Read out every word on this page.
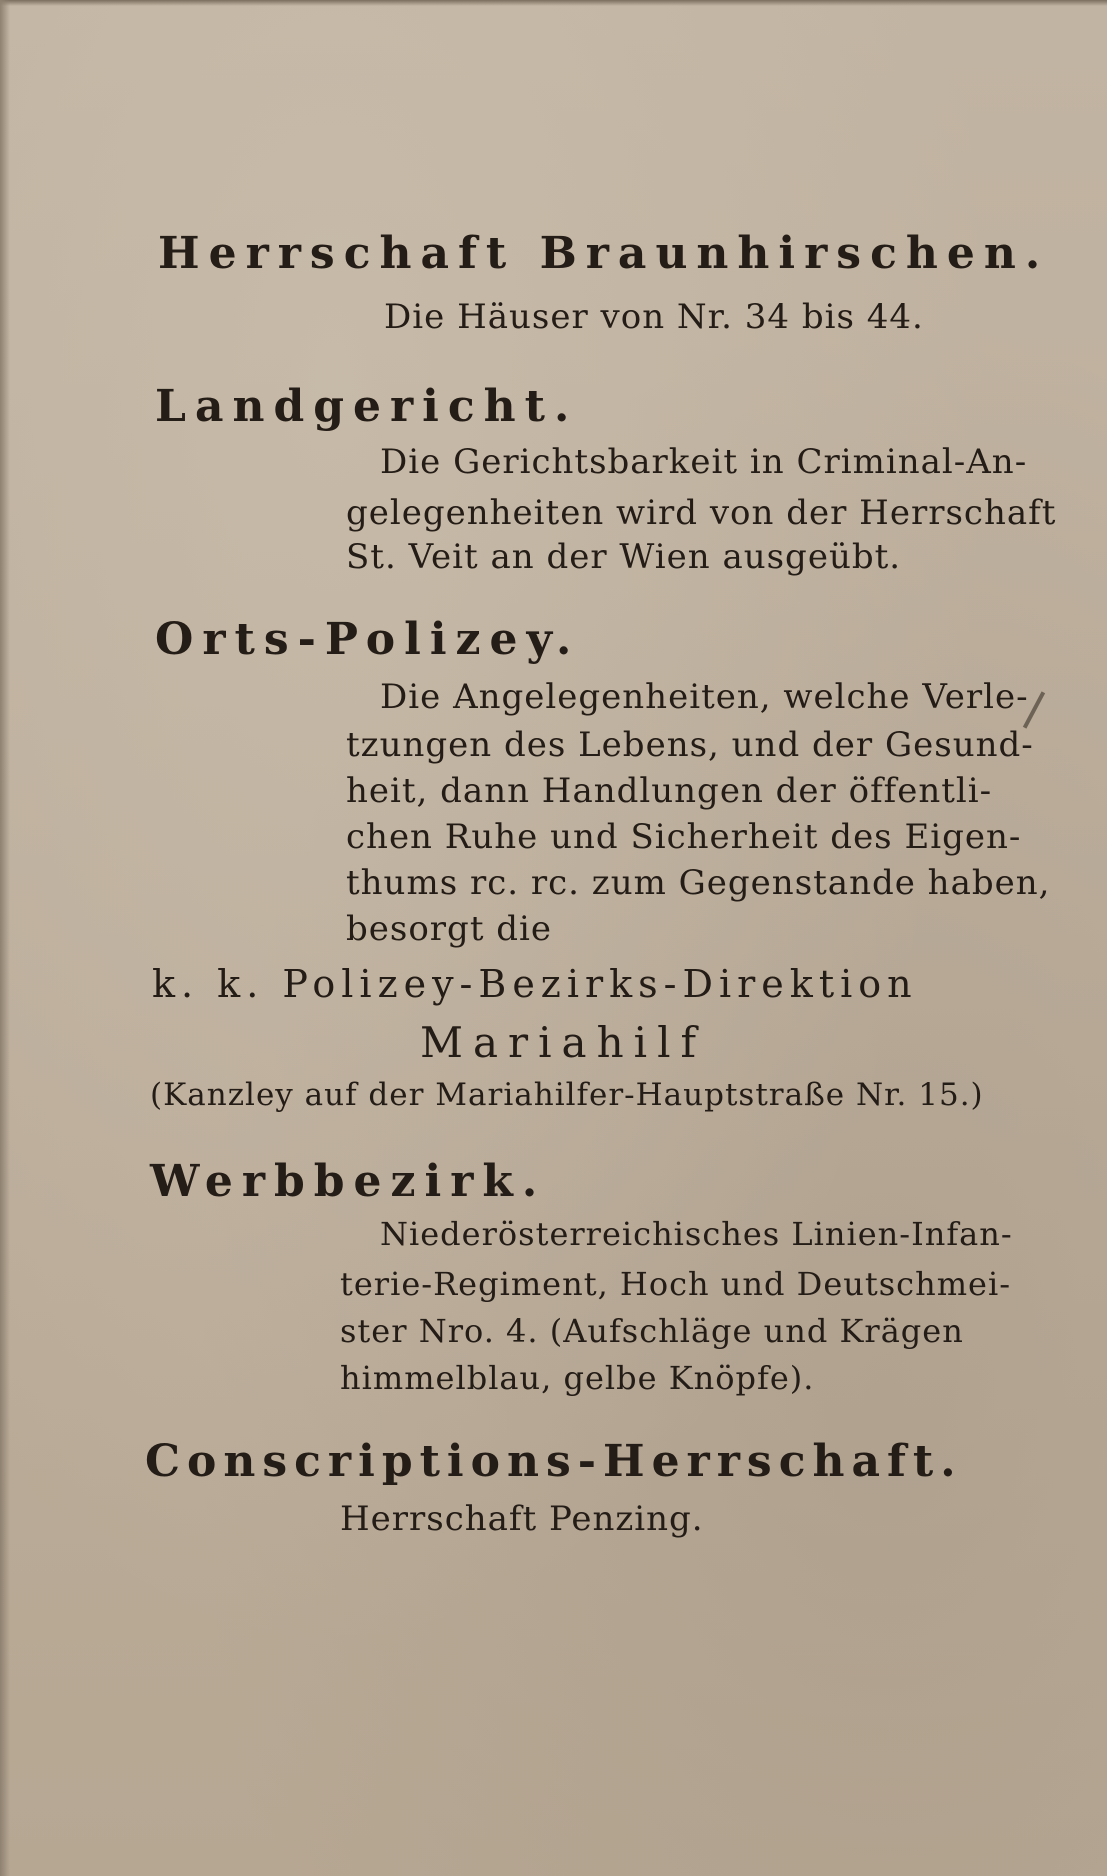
Herrschaft Braunhirschen.
Die Häuser von Nr. 34 bis 44.
Landgericht.
Die Gerichtsbarkeit in Criminal-An-
gelegenheiten wird von der Herrschaft
St. Veit an der Wien ausgeübt.
Orts-Polizey.
Die Angelegenheiten, welche Verle-
tzungen des Lebens, und der Gesund-
heit, dann Handlungen der öffentli-
chen Ruhe und Sicherheit des Eigen-
thums rc. rc. zum Gegenstande haben,
besorgt die
k. k. Polizey-Bezirks-Direktion
Mariahilf
(Kanzley auf der Mariahilfer-Hauptstraße Nr. 15.)
Werbbezirk.
Niederösterreichisches Linien-Infan-
terie-Regiment, Hoch und Deutschmei-
ster Nro. 4. (Aufschläge und Krägen
himmelblau, gelbe Knöpfe).
Conscriptions-Herrschaft.
Herrschaft Penzing.
